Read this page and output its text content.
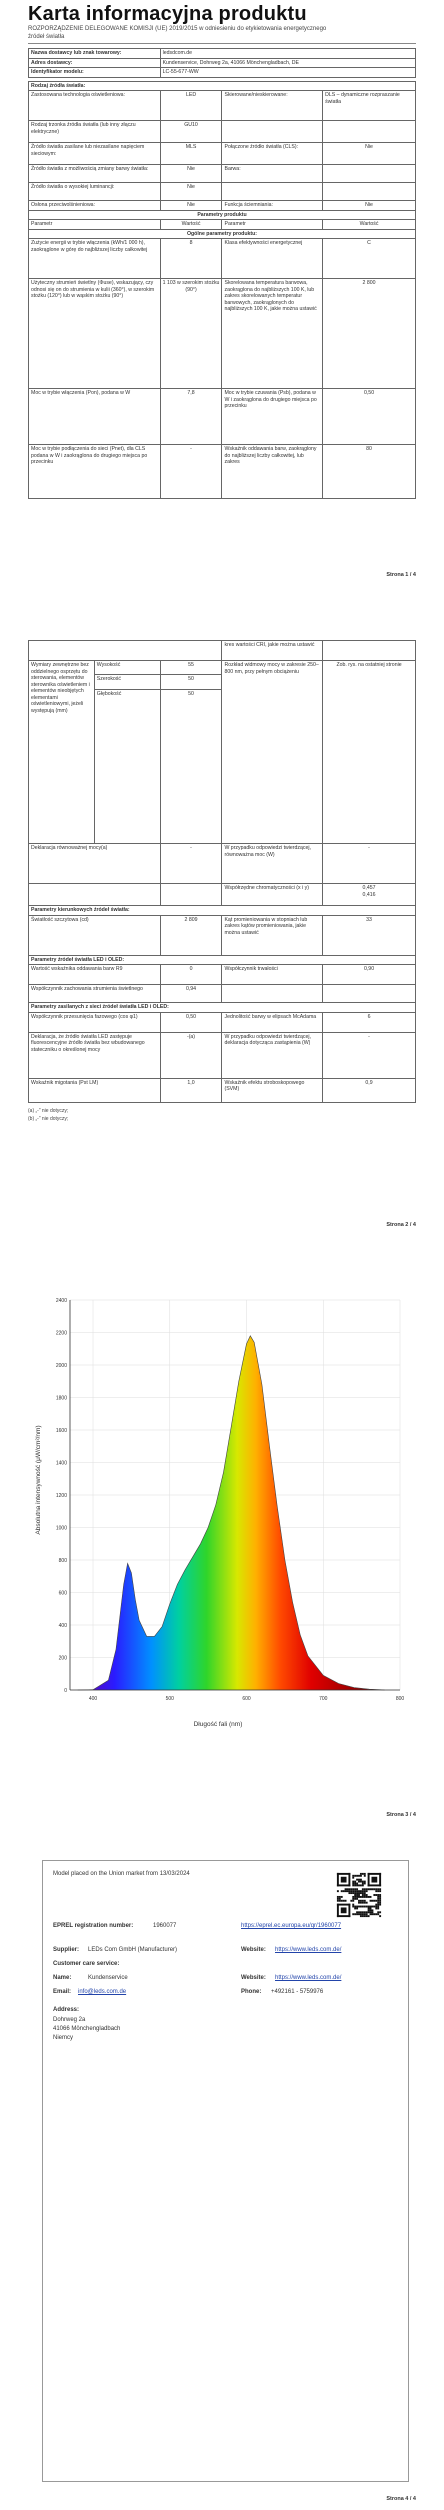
Karta informacyjna produktu
ROZPORZĄDZENIE DELEGOWANE KOMISJI (UE) 2019/2015 w odniesieniu do etykietowania energetycznego źródeł światła
Nazwa dostawcy lub znak towarowy:	ledsdcom.de
Adres dostawcy:	Kundenservice, Dohrweg 2a, 41066 Mönchengladbach, DE
Identyfikator modelu:	LC-55-677-WW
Rodzaj źródła światła:			
Zastosowana technologia oświetleniowa:	LED	Skierowane/nieskierowane:	DLS – dynamiczne rozpraszanie światła
Rodzaj trzonka źródła światła (lub inny złączu elektryczne)	GU10		
Źródło światła zasilane lub niezasilane napięciem sieciowym:	MLS	Połączone źródło światła (CLS):	Nie
Źródło światła z możliwością zmiany barwy światła:	Nie	Barwa:	
Źródło światła o wysokiej luminancji:	Nie		
Osłona przeciwolśnieniowa:	Nie	Funkcja ściemniania:	Nie
Parametry produktu			
Parametr	Wartość	Parametr	Wartość
Ogólne parametry produktu:			
Zużycie energii w trybie włączenia (kWh/1 000 h), zaokrąglone w górę do najbliższej liczby całkowitej	8	Klasa efektywności energetycznej	C
Użyteczny strumień świetlny (Φuse), wskazujący, czy odnosi się on do strumienia w kulii (360°), w szerokim stożku (120°) lub w wąskim stożku (90°)	1 103 w szerokim stożku (90°)	Skorelowana temperatura barwowa, zaokrąglona do najbliższych 100 K, lub zakres skorelowanych temperatur barwowych, zaokrąglonych do najbliższych 100 K, jakie można ustawić	2 800
Moc w trybie włączenia (Pon), podana w W	7,8	Moc w trybie czuwania (Psb), podana w W i zaokrąglona do drugiego miejsca po przecinku	0,50
Moc w trybie podłączenia do sieci (Pnet), dla CLS podana w W i zaokrąglona do drugiego miejsca po przecinku	-	Wskaźnik oddawania barw, zaokrąglony do najbliższej liczby całkowitej, lub zakres	80
Strona 1 / 4
			kres wartości CRI, jakie można ustawić	
Wymiary zewnętrzne bez oddzielnego osprzętu do sterowania, elementów sterownika oświetleniem i elementów nieobjętych elementami oświetleniowymi, jeżeli występują (mm)	Wysokość	55	Rozkład widmowy mocy w zakresie 250–800 nm, przy pełnym obciążeniu	Zob. rys. na ostatniej stronie
	Szerokość	50		
	Głębokość	50		
Deklaracja równoważnej mocy(a)		-	W przypadku odpowiedzi twierdzącej, równoważna moc (W)	-
			Współrzędne chromatyczności (x i y)	0,457
0,416
Parametry kierunkowych źródeł światła:				
Światłość szczytowa (cd)		2 809	Kąt promieniowania w stopniach lub zakres kątów promieniowania, jakie można ustawić	33
Parametry źródeł światła LED i OLED:				
Wartość wskaźnika oddawania barw R9		0	Współczynnik trwałości	0,90
Współczynnik zachowania strumienia świetlnego		0,94		
Parametry zasilanych z sieci źródeł światła LED i OLED:				
Współczynnik przesunięcia fazowego (cos φ1)		0,50	Jednolitość barwy w elipsach McAdama	6
Deklaracja, że źródło światła LED zastępuje fluorescencyjne źródło światła bez wbudowanego stateczniku o określonej mocy		-(a)	W przypadku odpowiedzi twierdzącej, deklaracja dotycząca zastąpienia (W)	-
Wskaźnik migotania (Pst LM)		1,0	Wskaźnik efektu stroboskopowego (SVM)	0,9
(a) „-” nie dotyczy;
(b) „-” nie dotyczy;
Strona 2 / 4
0
200
400
600
800
1000
1200
1400
1600
1800
2000
2200
2400
400	500	600	700	800
Długość fali (nm)
Absolutna intensywność (μW/cm²/nm)
Strona 3 / 4
Model placed on the Union market from 13/03/2024
EPREL registration number:	1960077	https://eprel.ec.europa.eu/qr/1960077
Supplier: LEDs Com GmbH (Manufacturer)	Website: https://www.leds.com.de/
Customer care service:
Name:	Kundenservice	Website: https://www.leds.com.de/
Email: info@leds.com.de	Phone: +492161 - 5759976
Address:
Dohrweg 2a
41066 Mönchengladbach
Niemcy
Strona 4 / 4
